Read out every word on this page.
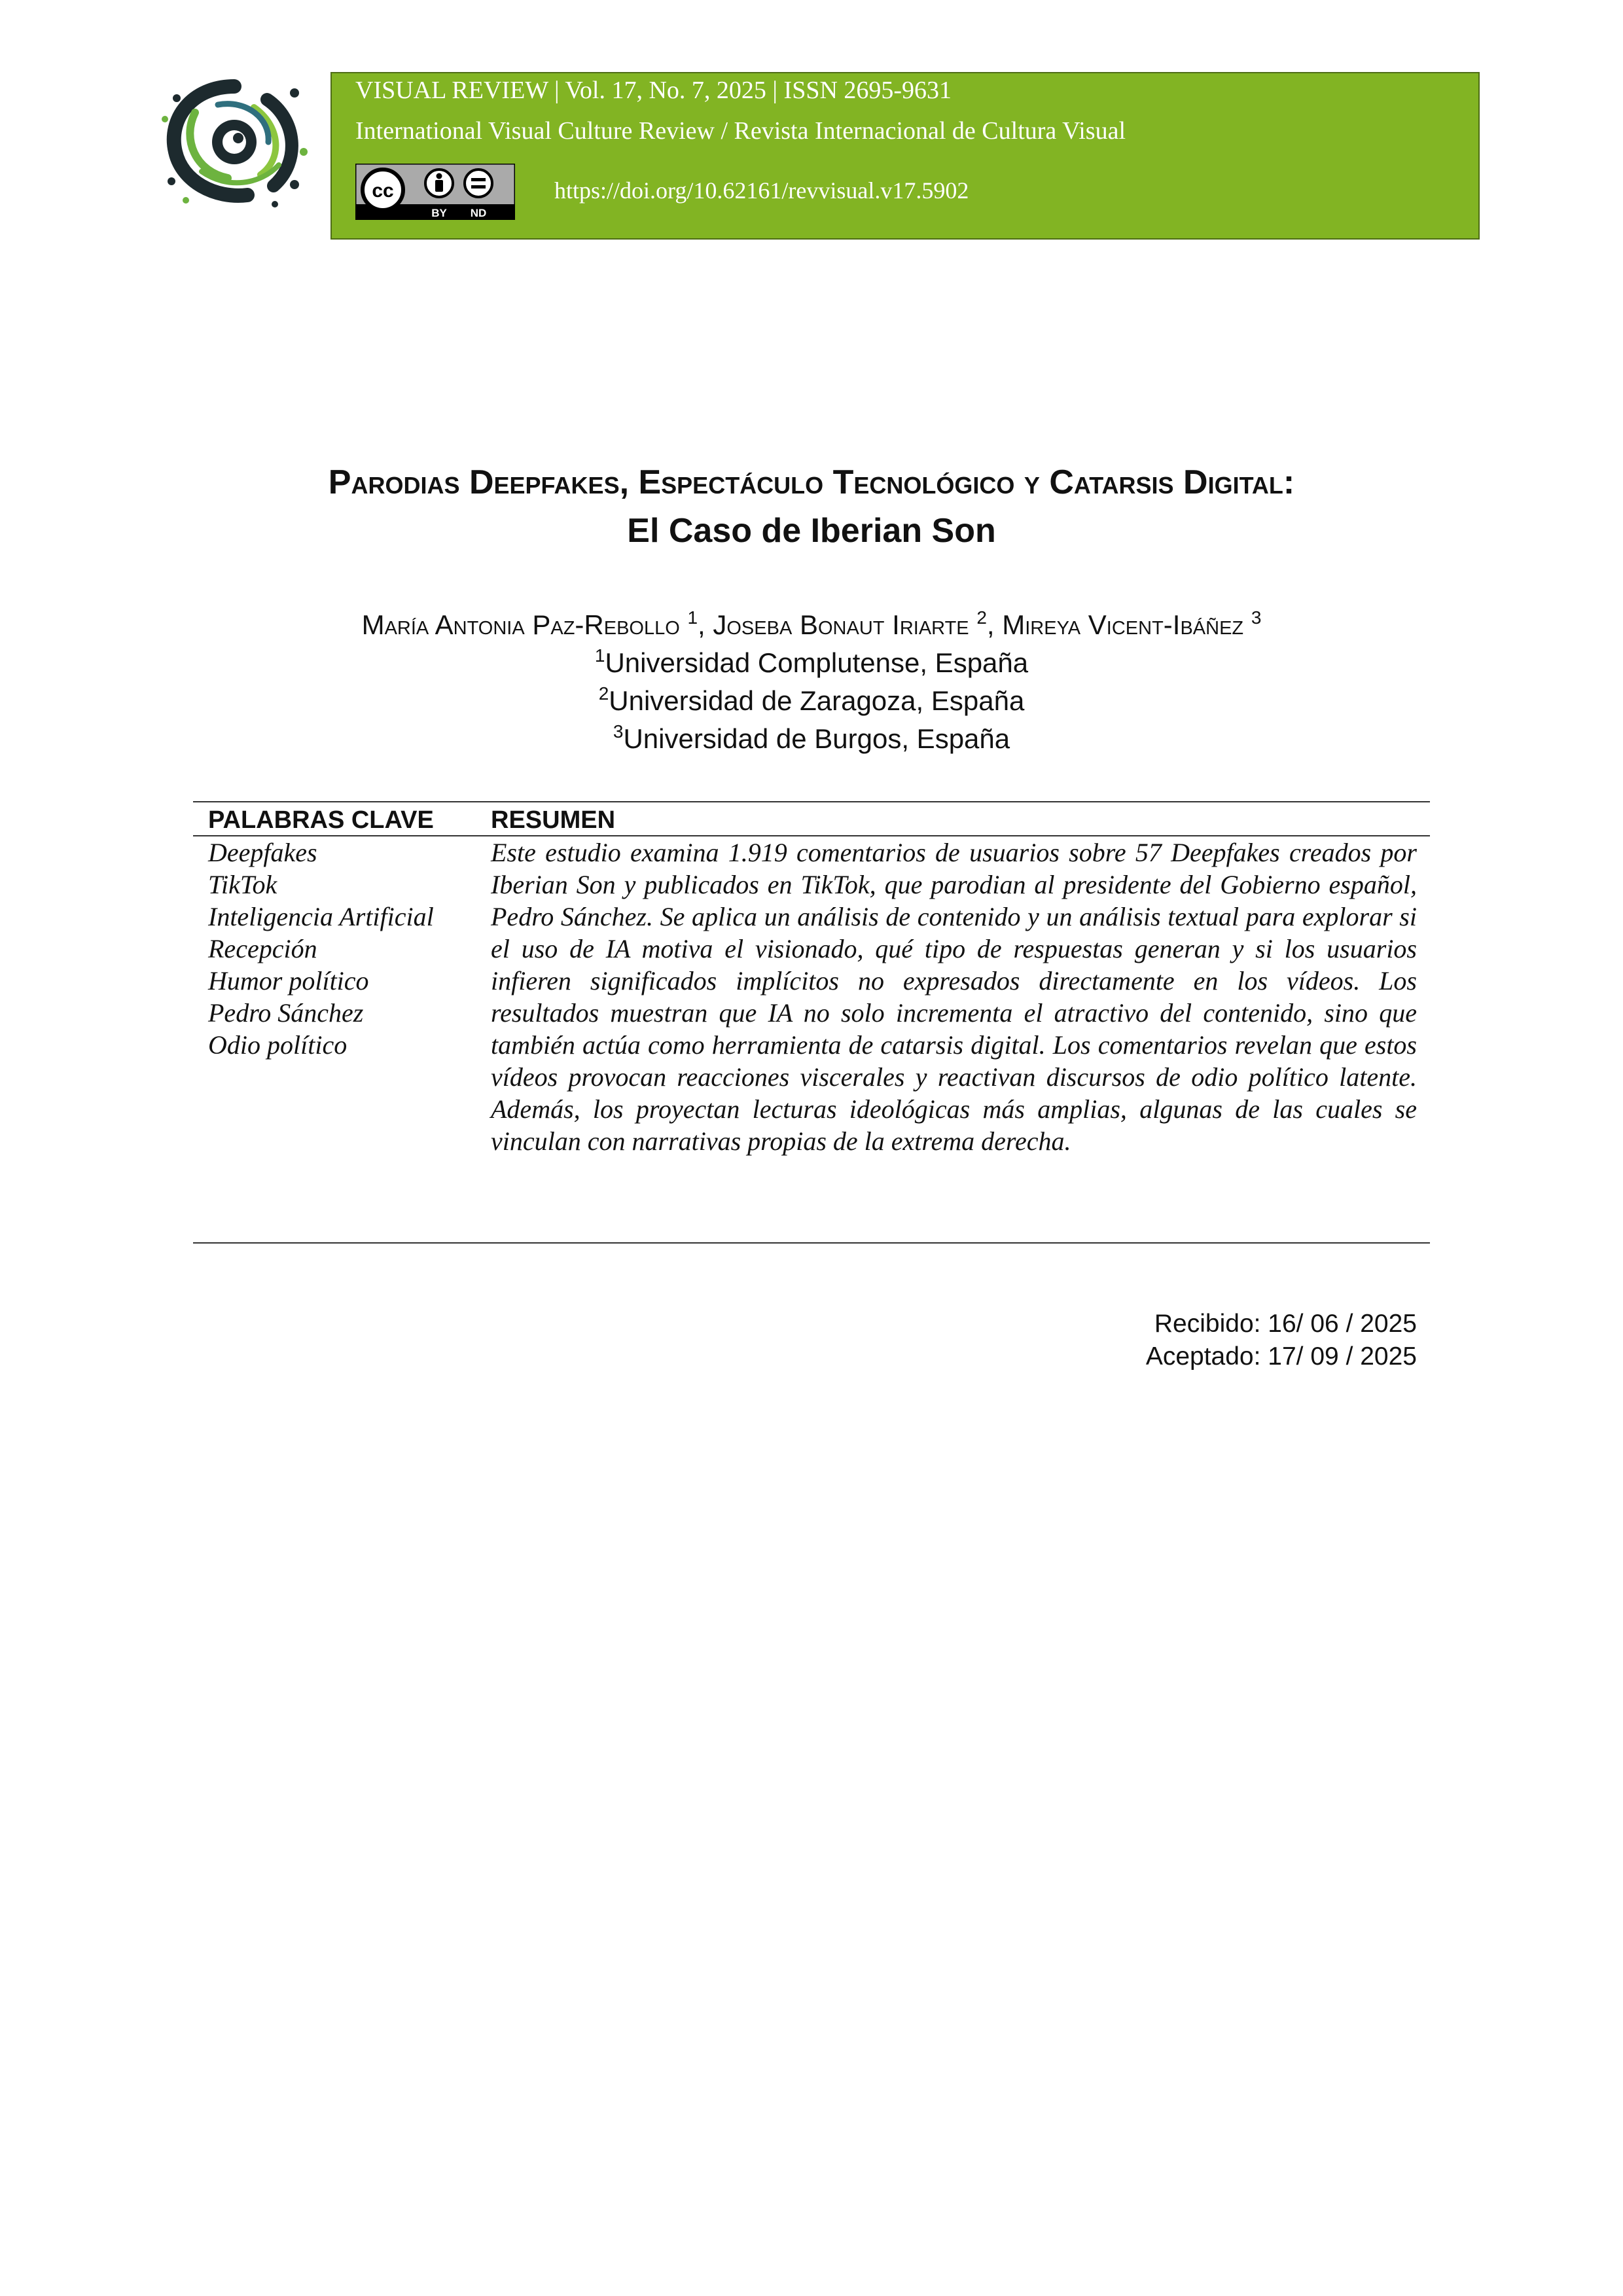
VISUAL REVIEW | Vol. 17, No. 7, 2025 | ISSN 2695-9631
International Visual Culture Review / Revista Internacional de Cultura Visual
cc
BY ND
https://doi.org/10.62161/revvisual.v17.5902
Parodias Deepfakes, Espectáculo Tecnológico y Catarsis Digital:
El Caso de Iberian Son
María Antonia Paz-Rebollo $^1$, Joseba Bonaut Iriarte $^2$, Mireya Vicent-Ibáñez $^3$
$^1$Universidad Complutense, España
$^2$Universidad de Zaragoza, España
$^3$Universidad de Burgos, España
PALABRAS CLAVE RESUMEN
Deepfakes
TikTok
Inteligencia Artificial
Recepción
Humor político
Pedro Sánchez
Odio político

Este estudio examina 1.919 comentarios de usuarios sobre 57 Deepfakes creados por Iberian Son y publicados en TikTok, que parodian al presidente del Gobierno español, Pedro Sánchez. Se aplica un análisis de contenido y un análisis textual para explorar si el uso de IA motiva el visionado, qué tipo de respuestas generan y si los usuarios infieren significados implícitos no expresados directamente en los vídeos. Los resultados muestran que IA no solo incrementa el atractivo del contenido, sino que también actúa como herramienta de catarsis digital. Los comentarios revelan que estos vídeos provocan reacciones viscerales y reactivan discursos de odio político latente. Además, los proyectan lecturas ideológicas más amplias, algunas de las cuales se vinculan con narrativas propias de la extrema derecha.

Recibido: 16/ 06 / 2025
Aceptado: 17/ 09 / 2025
